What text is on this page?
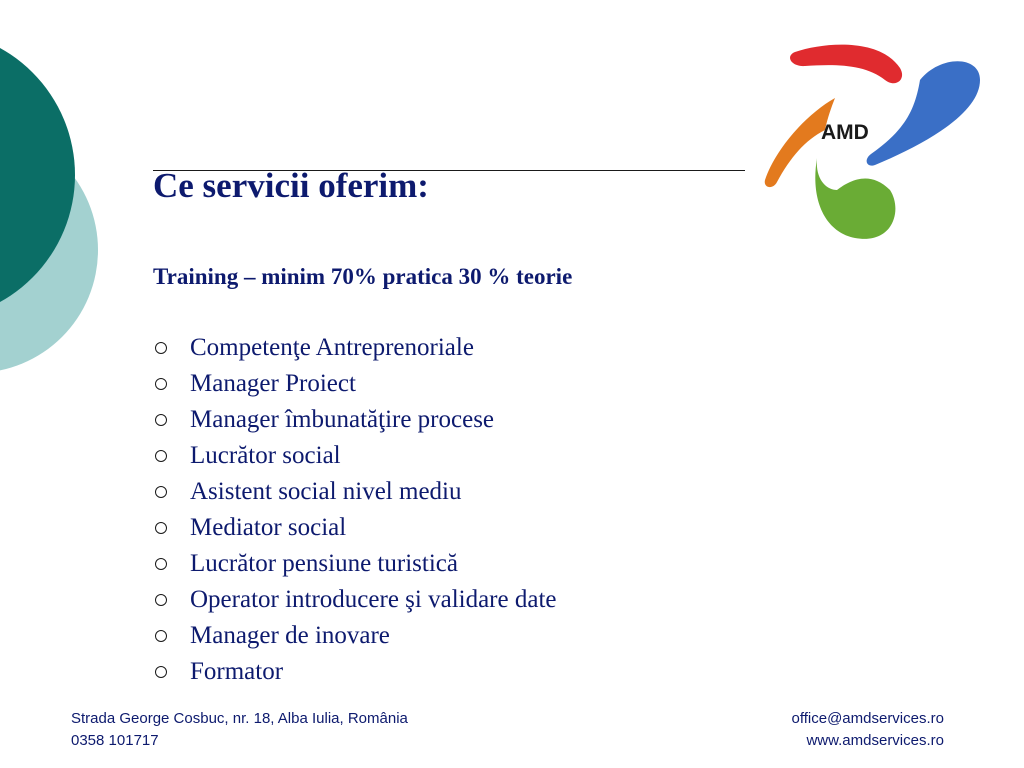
Ce servicii oferim:

Training – minim 70% pratica 30 % teorie

Competenţe Antreprenoriale
Manager Proiect
Manager îmbunatăţire procese
Lucrător social
Asistent social nivel mediu
Mediator social
Lucrător pensiune turistică
Operator introducere şi validare date
Manager de inovare
Formator
AMD
Strada George Cosbuc, nr. 18, Alba Iulia, România
0358 101717
office@amdservices.ro
www.amdservices.ro
